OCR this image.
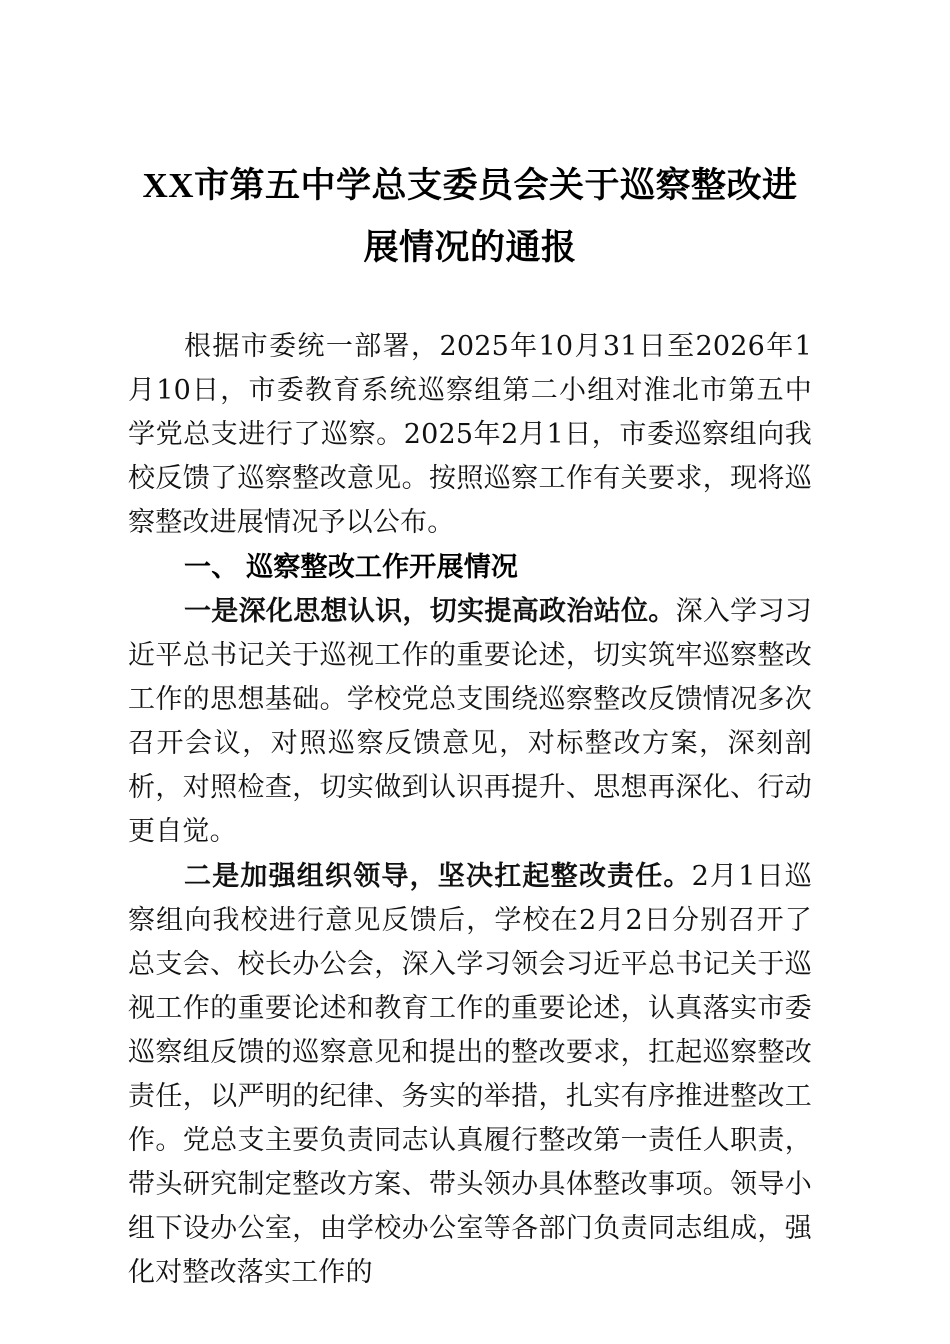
XX市第五中学总支委员会关于巡察整改进
展情况的通报

根据市委统一部署，2025年10月31日至2026年1月10日，市委教育系统巡察组第二小组对淮北市第五中学党总支进行了巡察。2025年2月1日，市委巡察组向我校反馈了巡察整改意见。按照巡察工作有关要求，现将巡察整改进展情况予以公布。

一、 巡察整改工作开展情况

一是深化思想认识，切实提高政治站位。深入学习习近平总书记关于巡视工作的重要论述，切实筑牢巡察整改工作的思想基础。学校党总支围绕巡察整改反馈情况多次召开会议，对照巡察反馈意见，对标整改方案，深刻剖析，对照检查，切实做到认识再提升、思想再深化、行动更自觉。

二是加强组织领导，坚决扛起整改责任。2月1日巡察组向我校进行意见反馈后，学校在2月2日分别召开了总支会、校长办公会，深入学习领会习近平总书记关于巡视工作的重要论述和教育工作的重要论述，认真落实市委巡察组反馈的巡察意见和提出的整改要求，扛起巡察整改责任，以严明的纪律、务实的举措，扎实有序推进整改工作。党总支主要负责同志认真履行整改第一责任人职责，带头研究制定整改方案、带头领办具体整改事项。领导小组下设办公室，由学校办公室等各部门负责同志组成，强化对整改落实工作的
